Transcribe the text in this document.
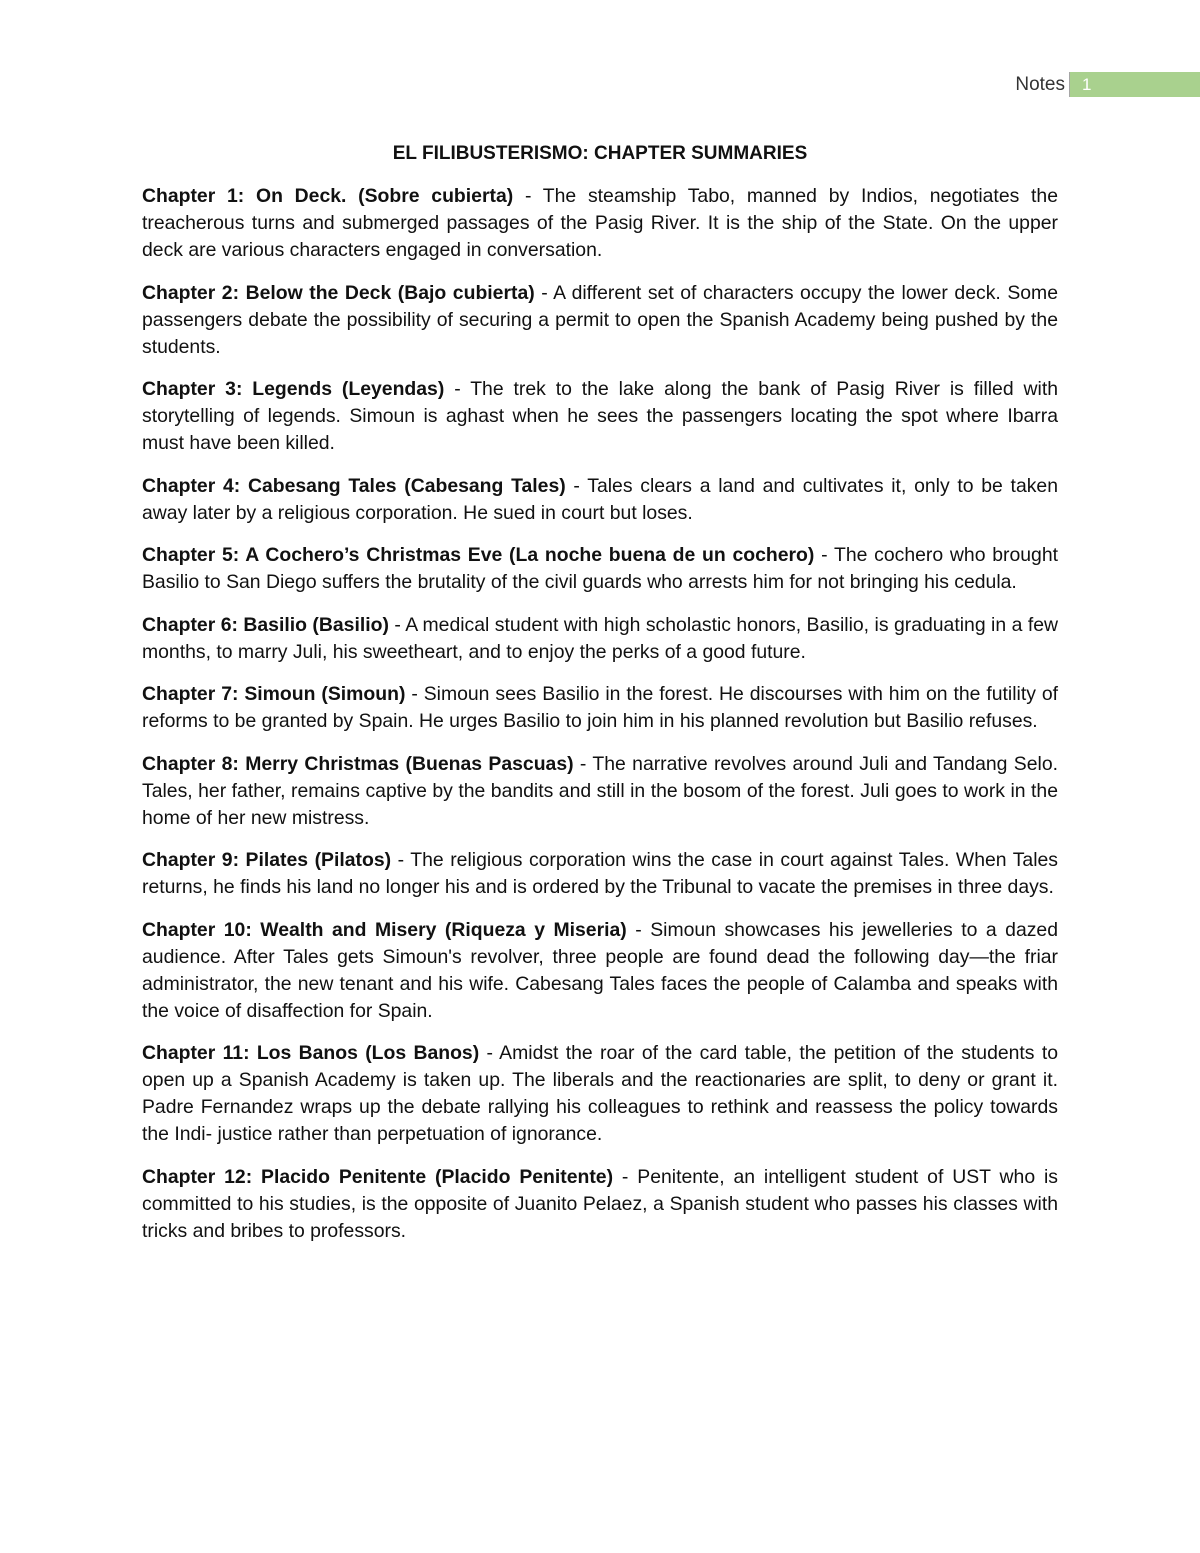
Notes	1
EL FILIBUSTERISMO: CHAPTER SUMMARIES

Chapter 1: On Deck. (Sobre cubierta) - The steamship Tabo, manned by Indios, negotiates the treacherous turns and submerged passages of the Pasig River. It is the ship of the State. On the upper deck are various characters engaged in conversation.

Chapter 2: Below the Deck (Bajo cubierta) - A different set of characters occupy the lower deck. Some passengers debate the possibility of securing a permit to open the Spanish Academy being pushed by the students.

Chapter 3: Legends (Leyendas) - The trek to the lake along the bank of Pasig River is filled with storytelling of legends. Simoun is aghast when he sees the passengers locating the spot where Ibarra must have been killed.

Chapter 4: Cabesang Tales (Cabesang Tales) - Tales clears a land and cultivates it, only to be taken away later by a religious corporation. He sued in court but loses.

Chapter 5: A Cochero’s Christmas Eve (La noche buena de un cochero) - The cochero who brought Basilio to San Diego suffers the brutality of the civil guards who arrests him for not bringing his cedula.

Chapter 6: Basilio (Basilio) - A medical student with high scholastic honors, Basilio, is graduating in a few months, to marry Juli, his sweetheart, and to enjoy the perks of a good future.

Chapter 7: Simoun (Simoun) - Simoun sees Basilio in the forest. He discourses with him on the futility of reforms to be granted by Spain. He urges Basilio to join him in his planned revolution but Basilio refuses.

Chapter 8: Merry Christmas (Buenas Pascuas) - The narrative revolves around Juli and Tandang Selo. Tales, her father, remains captive by the bandits and still in the bosom of the forest. Juli goes to work in the home of her new mistress.

Chapter 9: Pilates (Pilatos) - The religious corporation wins the case in court against Tales. When Tales returns, he finds his land no longer his and is ordered by the Tribunal to vacate the premises in three days.

Chapter 10: Wealth and Misery (Riqueza y Miseria) - Simoun showcases his jewelleries to a dazed audience. After Tales gets Simoun's revolver, three people are found dead the following day—the friar administrator, the new tenant and his wife. Cabesang Tales faces the people of Calamba and speaks with the voice of disaffection for Spain.

Chapter 11: Los Banos (Los Banos) - Amidst the roar of the card table, the petition of the students to open up a Spanish Academy is taken up. The liberals and the reactionaries are split, to deny or grant it. Padre Fernandez wraps up the debate rallying his colleagues to rethink and reassess the policy towards the Indi- justice rather than perpetuation of ignorance.

Chapter 12: Placido Penitente (Placido Penitente) - Penitente, an intelligent student of UST who is committed to his studies, is the opposite of Juanito Pelaez, a Spanish student who passes his classes with tricks and bribes to professors.
